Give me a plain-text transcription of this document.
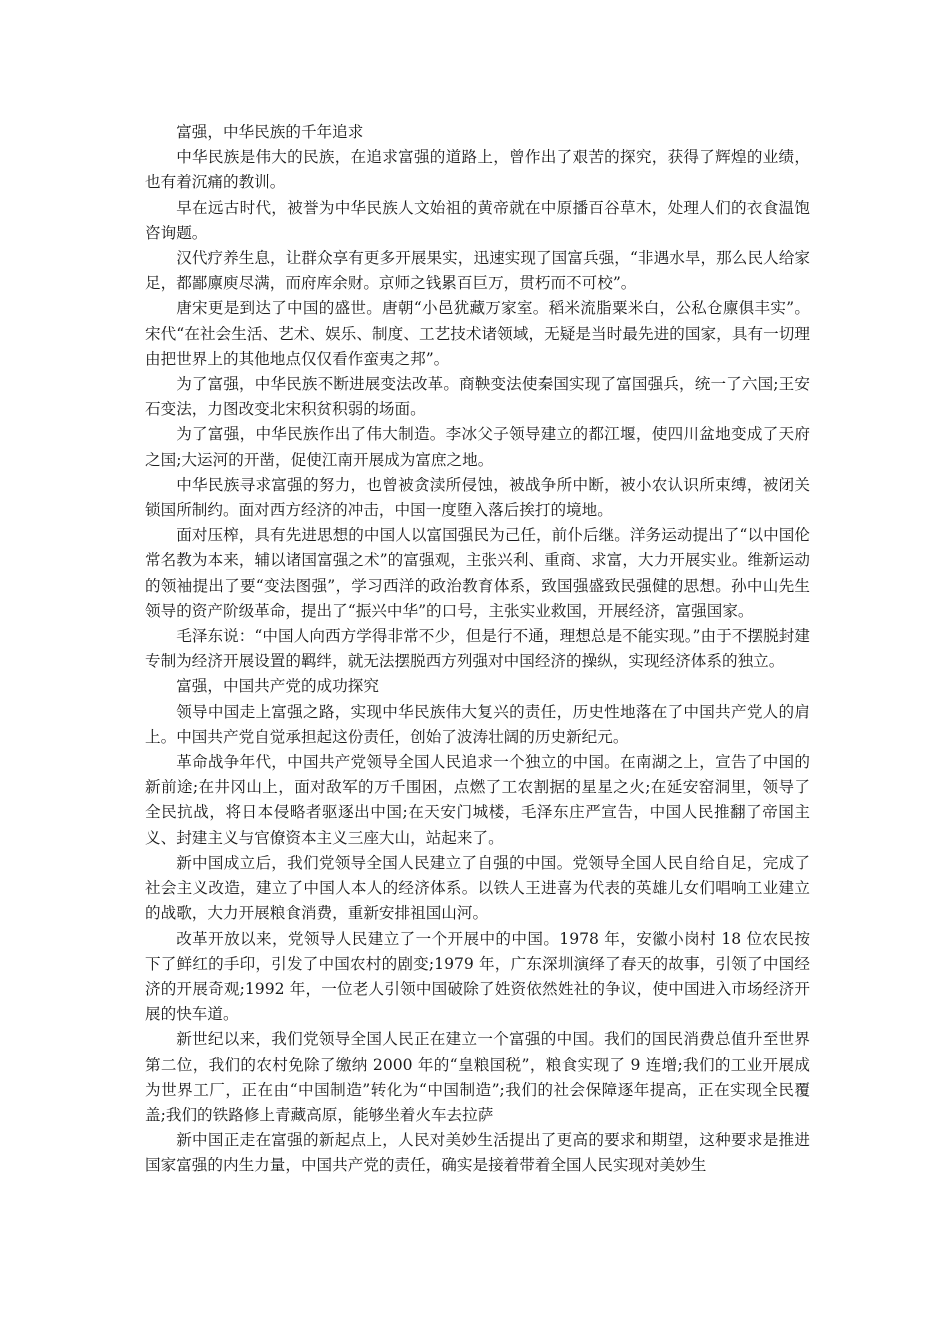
富强，中华民族的千年追求

中华民族是伟大的民族，在追求富强的道路上，曾作出了艰苦的探究，获得了辉煌的业绩，也有着沉痛的教训。

早在远古时代，被誉为中华民族人文始祖的黄帝就在中原播百谷草木，处理人们的衣食温饱咨询题。

汉代疗养生息，让群众享有更多开展果实，迅速实现了国富兵强，“非遇水旱，那么民人给家足，都鄙廪庾尽满，而府库余财。京师之钱累百巨万，贯朽而不可校”。

唐宋更是到达了中国的盛世。唐朝“小邑犹藏万家室。稻米流脂粟米白，公私仓廪俱丰实”。宋代“在社会生活、艺术、娱乐、制度、工艺技术诸领域，无疑是当时最先进的国家，具有一切理由把世界上的其他地点仅仅看作蛮夷之邦”。

为了富强，中华民族不断进展变法改革。商鞅变法使秦国实现了富国强兵，统一了六国;王安石变法，力图改变北宋积贫积弱的场面。

为了富强，中华民族作出了伟大制造。李冰父子领导建立的都江堰，使四川盆地变成了天府之国;大运河的开凿，促使江南开展成为富庶之地。

中华民族寻求富强的努力，也曾被贪渎所侵蚀，被战争所中断，被小农认识所束缚，被闭关锁国所制约。面对西方经济的冲击，中国一度堕入落后挨打的境地。

面对压榨，具有先进思想的中国人以富国强民为己任，前仆后继。洋务运动提出了“以中国伦常名教为本来，辅以诸国富强之术”的富强观，主张兴利、重商、求富，大力开展实业。维新运动的领袖提出了要“变法图强”，学习西洋的政治教育体系，致国强盛致民强健的思想。孙中山先生领导的资产阶级革命，提出了“振兴中华”的口号，主张实业救国，开展经济，富强国家。

毛泽东说：“中国人向西方学得非常不少，但是行不通，理想总是不能实现。”由于不摆脱封建专制为经济开展设置的羁绊，就无法摆脱西方列强对中国经济的操纵，实现经济体系的独立。

富强，中国共产党的成功探究

领导中国走上富强之路，实现中华民族伟大复兴的责任，历史性地落在了中国共产党人的肩上。中国共产党自觉承担起这份责任，创始了波涛壮阔的历史新纪元。

革命战争年代，中国共产党领导全国人民追求一个独立的中国。在南湖之上，宣告了中国的新前途;在井冈山上，面对敌军的万千围困，点燃了工农割据的星星之火;在延安窑洞里，领导了全民抗战，将日本侵略者驱逐出中国;在天安门城楼，毛泽东庄严宣告，中国人民推翻了帝国主义、封建主义与官僚资本主义三座大山，站起来了。

新中国成立后，我们党领导全国人民建立了自强的中国。党领导全国人民自给自足，完成了社会主义改造，建立了中国人本人的经济体系。以铁人王进喜为代表的英雄儿女们唱响工业建立的战歌，大力开展粮食消费，重新安排祖国山河。

改革开放以来，党领导人民建立了一个开展中的中国。1978 年，安徽小岗村 18 位农民按下了鲜红的手印，引发了中国农村的剧变;1979 年，广东深圳演绎了春天的故事，引领了中国经济的开展奇观;1992 年，一位老人引领中国破除了姓资依然姓社的争议，使中国进入市场经济开展的快车道。

新世纪以来，我们党领导全国人民正在建立一个富强的中国。我们的国民消费总值升至世界第二位，我们的农村免除了缴纳 2000 年的“皇粮国税”，粮食实现了 9 连增;我们的工业开展成为世界工厂，正在由“中国制造”转化为“中国制造”;我们的社会保障逐年提高，正在实现全民覆盖;我们的铁路修上青藏高原，能够坐着火车去拉萨

新中国正走在富强的新起点上，人民对美妙生活提出了更高的要求和期望，这种要求是推进国家富强的内生力量，中国共产党的责任，确实是接着带着全国人民实现对美妙生
